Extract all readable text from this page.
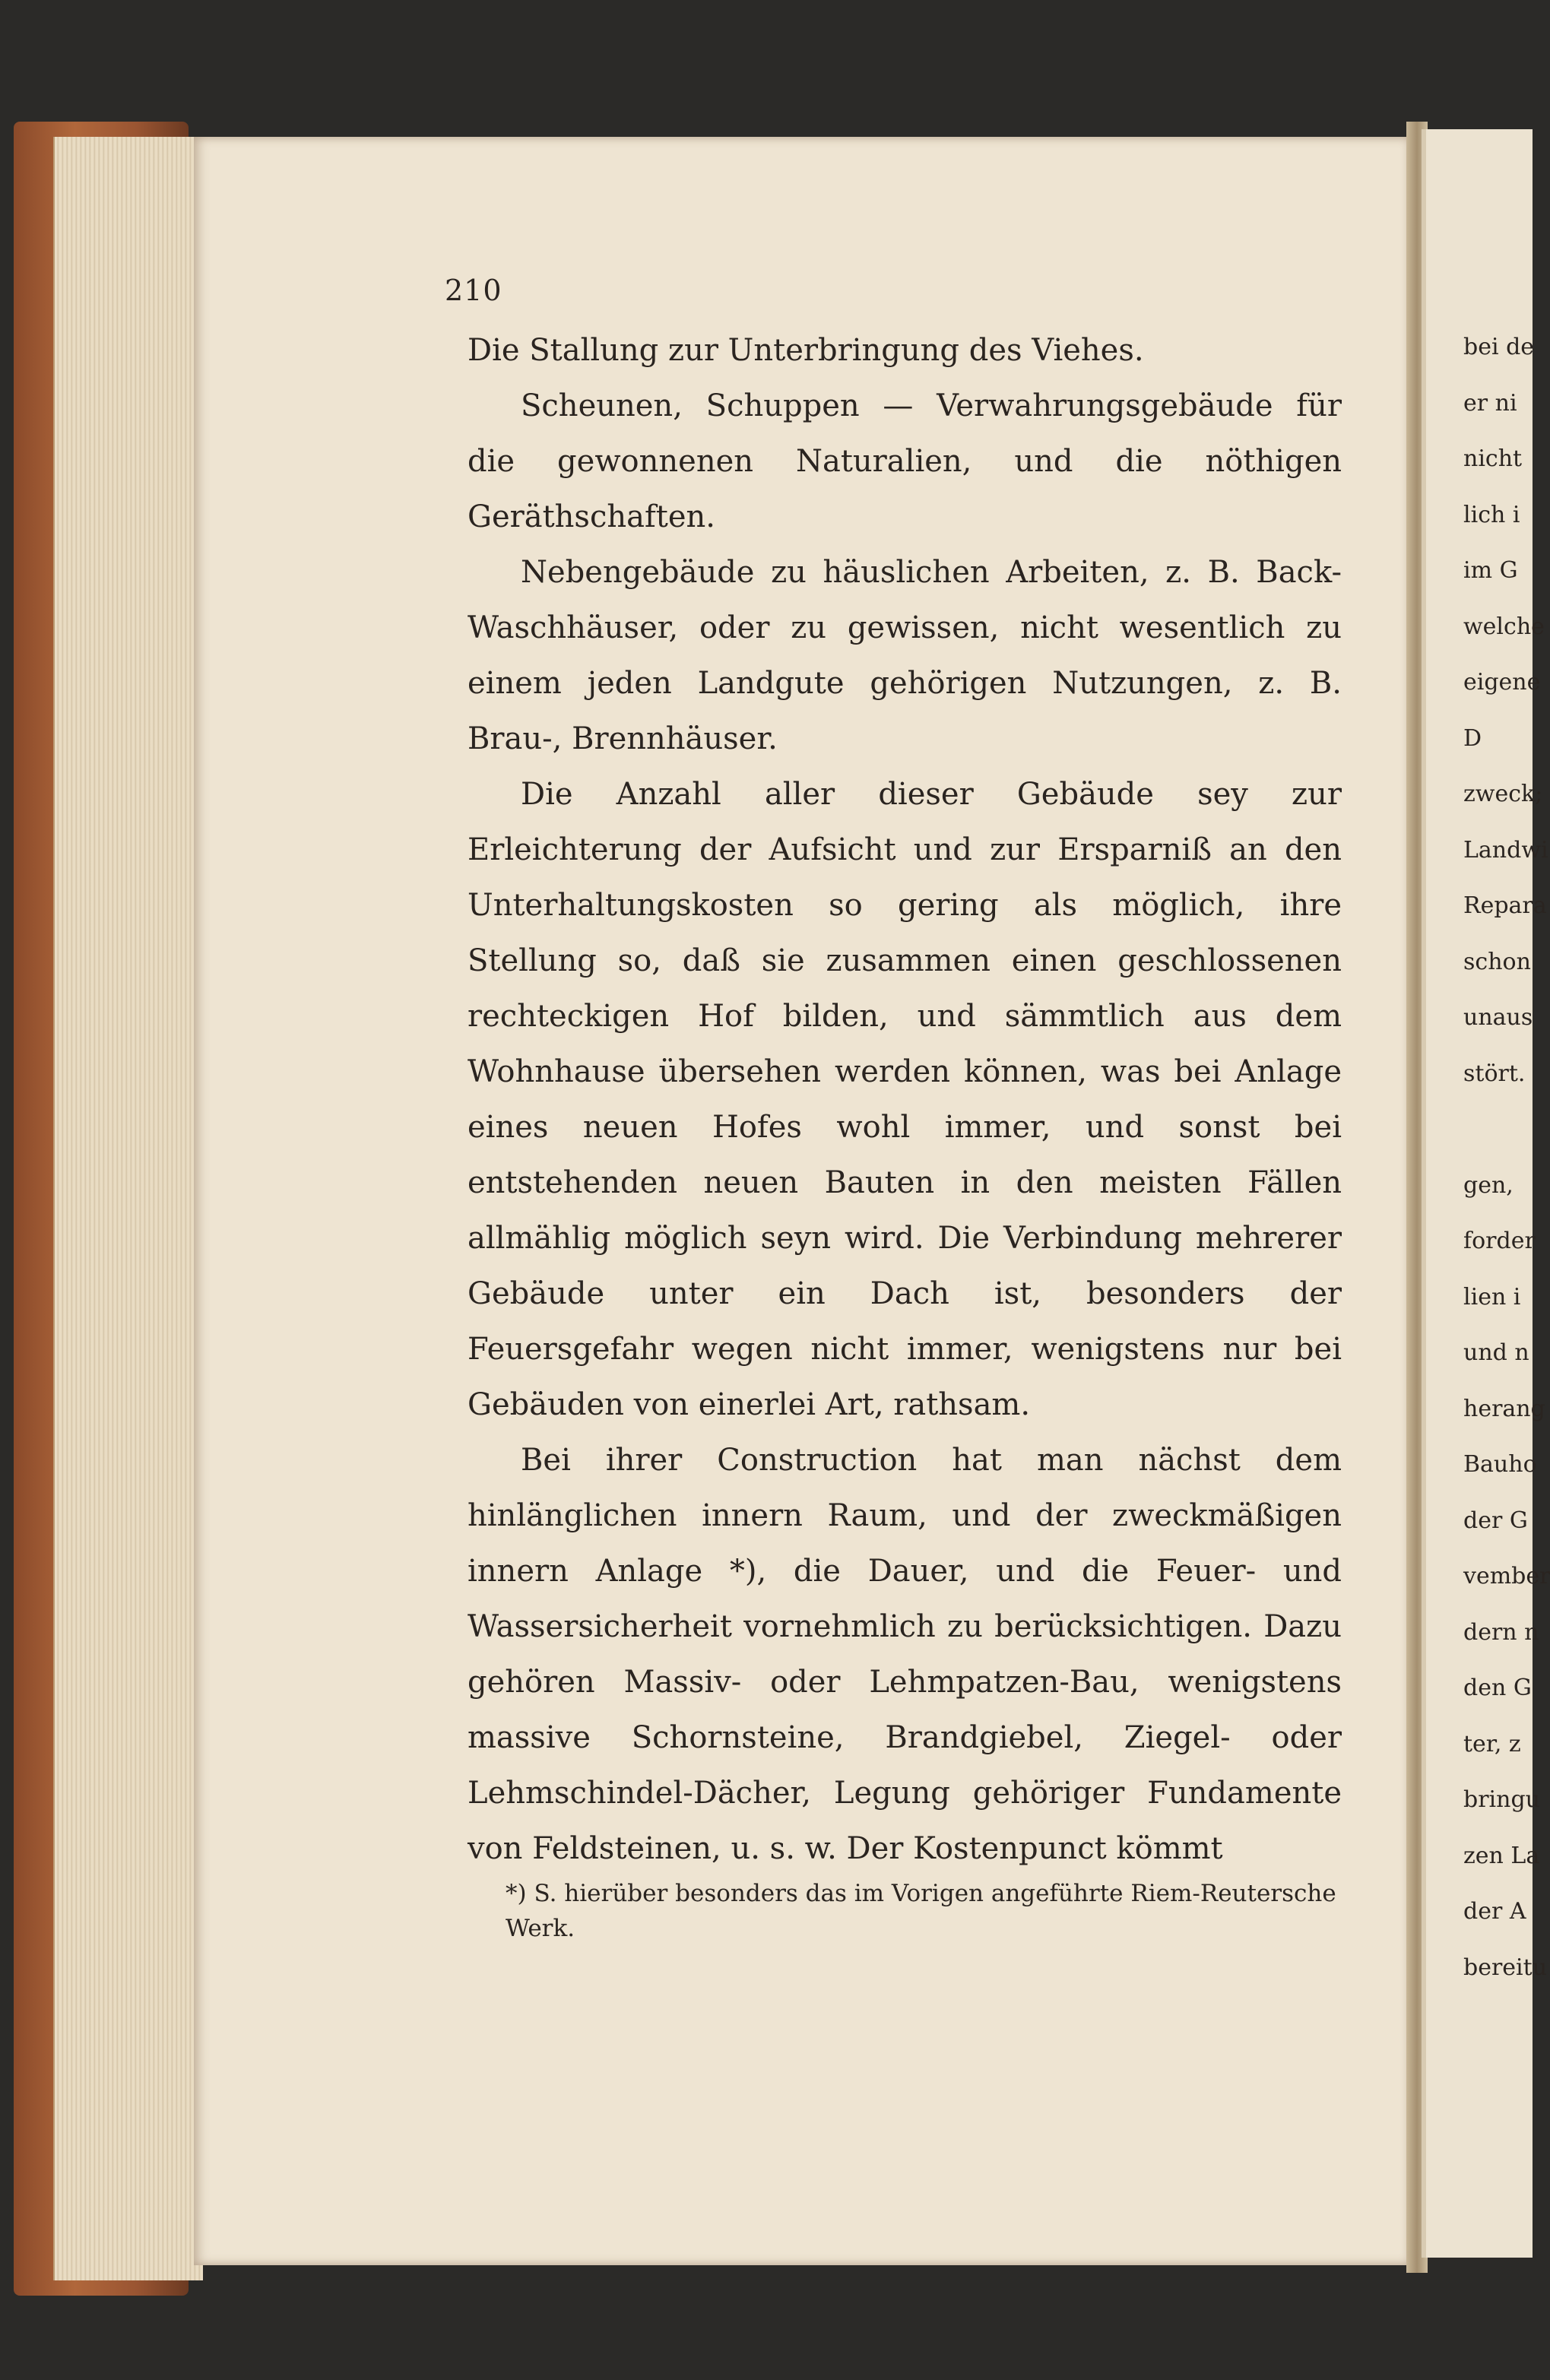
210

Die Stallung zur Unterbringung des Viehes.

Scheunen, Schuppen — Verwahrungsgebäude für die gewonnenen Naturalien, und die nöthigen Geräthschaften.

Nebengebäude zu häuslichen Arbeiten, z. B. Back- Waschhäuser, oder zu gewissen, nicht wesentlich zu einem jeden Landgute gehörigen Nutzungen, z. B. Brau-, Brennhäuser.

Die Anzahl aller dieser Gebäude sey zur Erleichterung der Aufsicht und zur Ersparniß an den Unterhaltungskosten so gering als möglich, ihre Stellung so, daß sie zusammen einen geschlossenen rechteckigen Hof bilden, und sämmtlich aus dem Wohnhause übersehen werden können, was bei Anlage eines neuen Hofes wohl immer, und sonst bei entstehenden neuen Bauten in den meisten Fällen allmählig möglich seyn wird. Die Verbindung mehrerer Gebäude unter ein Dach ist, besonders der Feuersgefahr wegen nicht immer, wenigstens nur bei Gebäuden von einerlei Art, rathsam.

Bei ihrer Construction hat man nächst dem hinlänglichen innern Raum, und der zweckmäßigen innern Anlage *), die Dauer, und die Feuer- und Wassersicherheit vornehmlich zu berücksichtigen. Dazu gehören Massiv- oder Lehmpatzen-Bau, wenigstens massive Schornsteine, Brandgiebel, Ziegel- oder Lehmschindel-Dächer, Legung gehöriger Fundamente von Feldsteinen, u. s. w. Der Kostenpunct kömmt

*) S. hierüber besonders das im Vorigen angeführte Riem-Reutersche Werk.
bei de
er ni
nicht
lich i
im G
welche
eigene
D
zweck;
Landwi
Repara
schon
unaus
stört.
gen,
forder
lien i
und n
herang
Bauho
der G
vember
dern n
den G
ter, z
bringu
zen La
der A
bereitu
